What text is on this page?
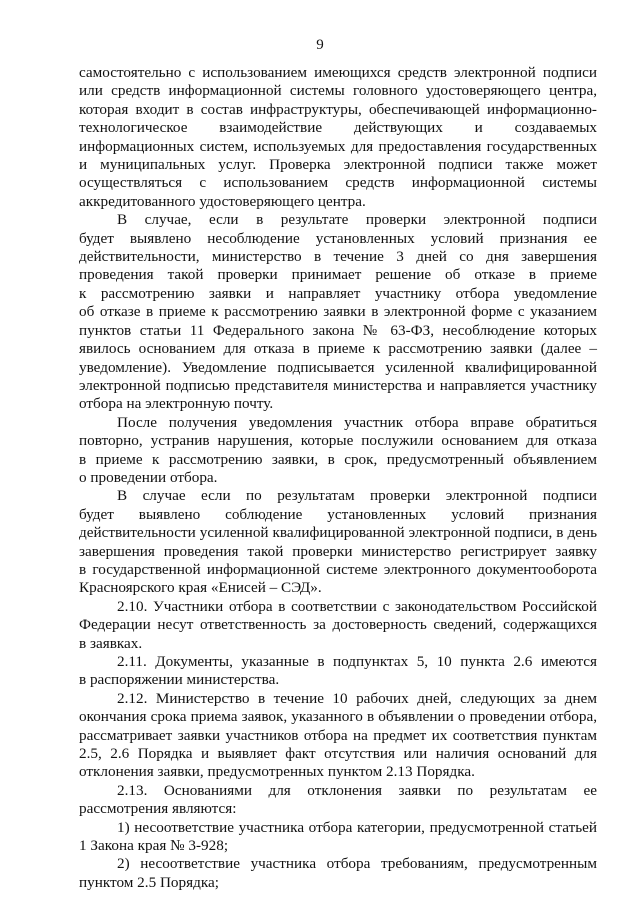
9
самостоятельно с использованием имеющихся средств электронной подписи
или средств информационной системы головного удостоверяющего центра,
которая входит в состав инфраструктуры, обеспечивающей информационно-
технологическое взаимодействие действующих и создаваемых
информационных систем, используемых для предоставления государственных
и муниципальных услуг. Проверка электронной подписи также может
осуществляться с использованием средств информационной системы
аккредитованного удостоверяющего центра.
В случае, если в результате проверки электронной подписи
будет выявлено несоблюдение установленных условий признания ее
действительности, министерство в течение 3 дней со дня завершения
проведения такой проверки принимает решение об отказе в приеме
к рассмотрению заявки и направляет участнику отбора уведомление
об отказе в приеме к рассмотрению заявки в электронной форме с указанием
пунктов статьи 11 Федерального закона № 63-ФЗ, несоблюдение которых
явилось основанием для отказа в приеме к рассмотрению заявки (далее –
уведомление). Уведомление подписывается усиленной квалифицированной
электронной подписью представителя министерства и направляется участнику
отбора на электронную почту.
После получения уведомления участник отбора вправе обратиться
повторно, устранив нарушения, которые послужили основанием для отказа
в приеме к рассмотрению заявки, в срок, предусмотренный объявлением
о проведении отбора.
В случае если по результатам проверки электронной подписи
будет выявлено соблюдение установленных условий признания
действительности усиленной квалифицированной электронной подписи, в день
завершения проведения такой проверки министерство регистрирует заявку
в государственной информационной системе электронного документооборота
Красноярского края «Енисей – СЭД».
2.10. Участники отбора в соответствии с законодательством Российской
Федерации несут ответственность за достоверность сведений, содержащихся
в заявках.
2.11. Документы, указанные в подпунктах 5, 10 пункта 2.6 имеются
в распоряжении министерства.
2.12. Министерство в течение 10 рабочих дней, следующих за днем
окончания срока приема заявок, указанного в объявлении о проведении отбора,
рассматривает заявки участников отбора на предмет их соответствия пунктам
2.5, 2.6 Порядка и выявляет факт отсутствия или наличия оснований для
отклонения заявки, предусмотренных пунктом 2.13 Порядка.
2.13. Основаниями для отклонения заявки по результатам ее
рассмотрения являются:
1) несоответствие участника отбора категории, предусмотренной статьей
1 Закона края № 3-928;
2) несоответствие участника отбора требованиям, предусмотренным
пунктом 2.5 Порядка;
